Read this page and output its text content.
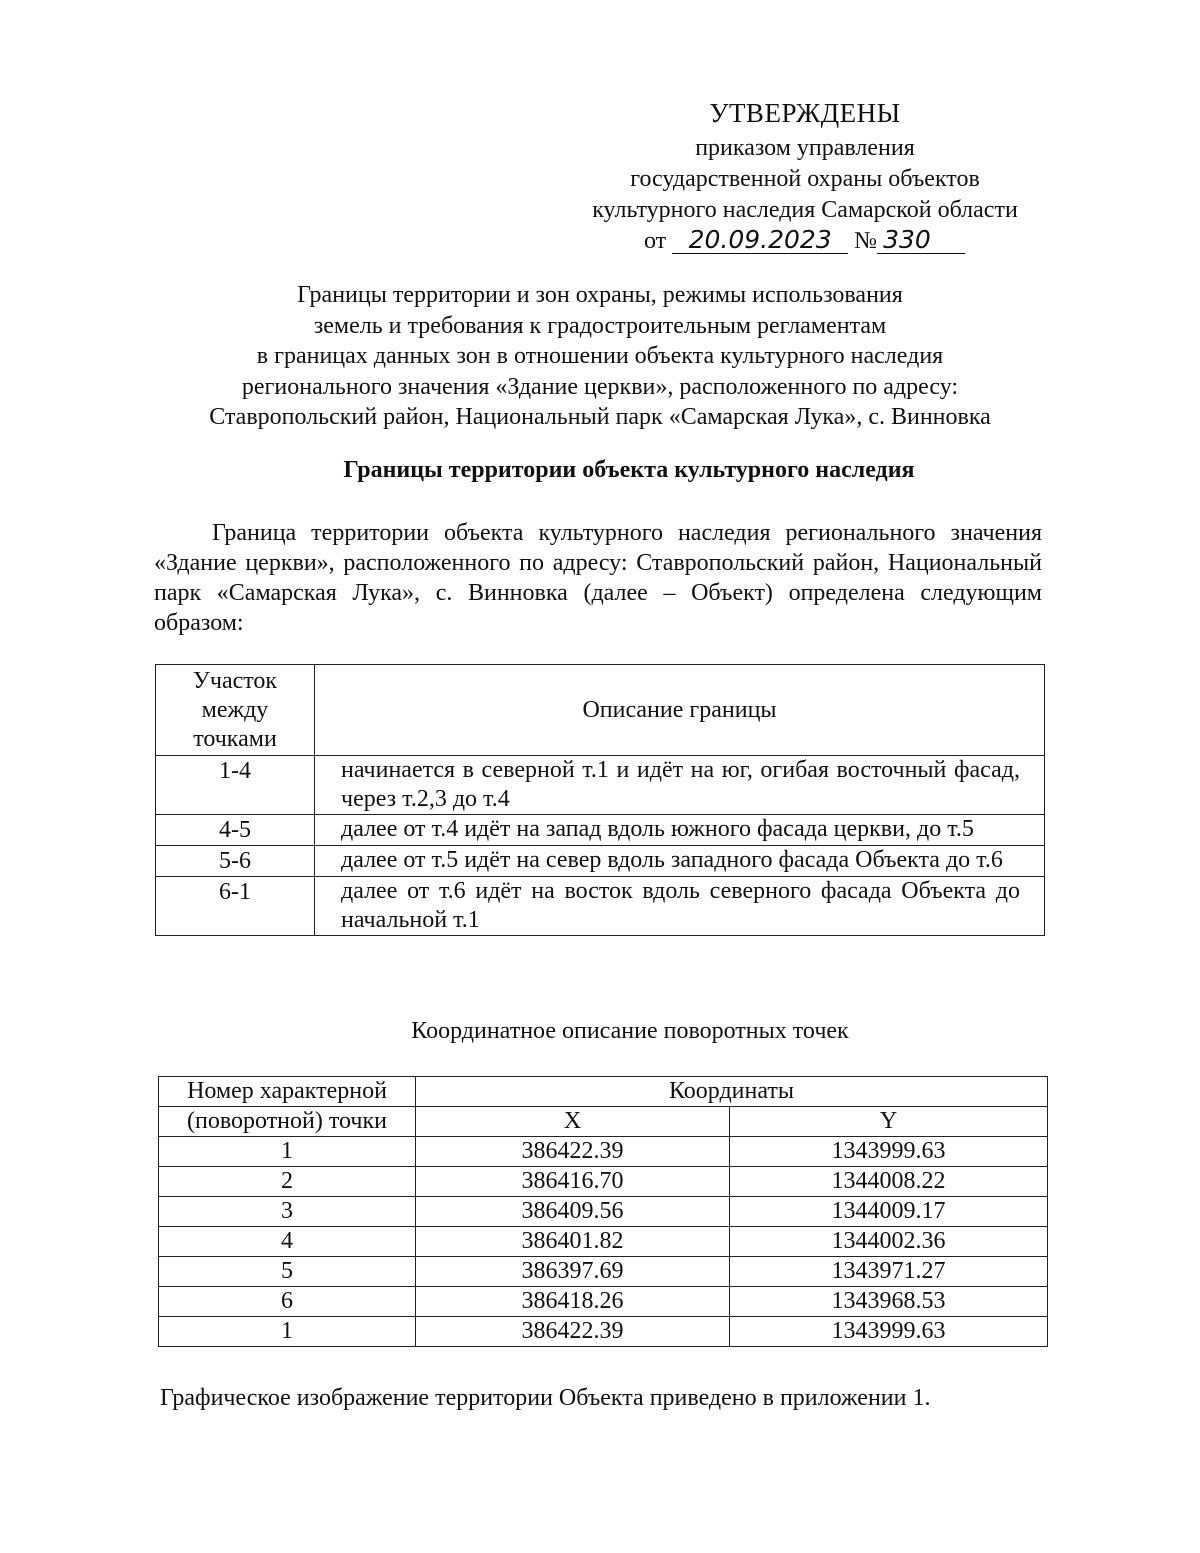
УТВЕРЖДЕНЫ
приказом управления
государственной охраны объектов
культурного наследия Самарской области
от 20.09.2023 № 330
Границы территории и зон охраны, режимы использования
земель и требования к градостроительным регламентам
в границах данных зон в отношении объекта культурного наследия
регионального значения «Здание церкви», расположенного по адресу:
Ставропольский район, Национальный парк «Самарская Лука», с. Винновка
Границы территории объекта культурного наследия
Граница территории объекта культурного наследия регионального значения «Здание церкви», расположенного по адресу: Ставропольский район, Национальный парк «Самарская Лука», с. Винновка (далее – Объект) определена следующим образом:
Участок
между
точками	Описание границы
1-4	начинается в северной т.1 и идёт на юг, огибая восточный фасад, через т.2,3 до т.4
4-5	далее от т.4 идёт на запад вдоль южного фасада церкви, до т.5
5-6	далее от т.5 идёт на север вдоль западного фасада Объекта до т.6
6-1	далее от т.6 идёт на восток вдоль северного фасада Объекта до начальной т.1
Координатное описание поворотных точек
Номер характерной	Координаты	
(поворотной) точки	X	Y
1	386422.39	1343999.63
2	386416.70	1344008.22
3	386409.56	1344009.17
4	386401.82	1344002.36
5	386397.69	1343971.27
6	386418.26	1343968.53
1	386422.39	1343999.63
Графическое изображение территории Объекта приведено в приложении 1.
